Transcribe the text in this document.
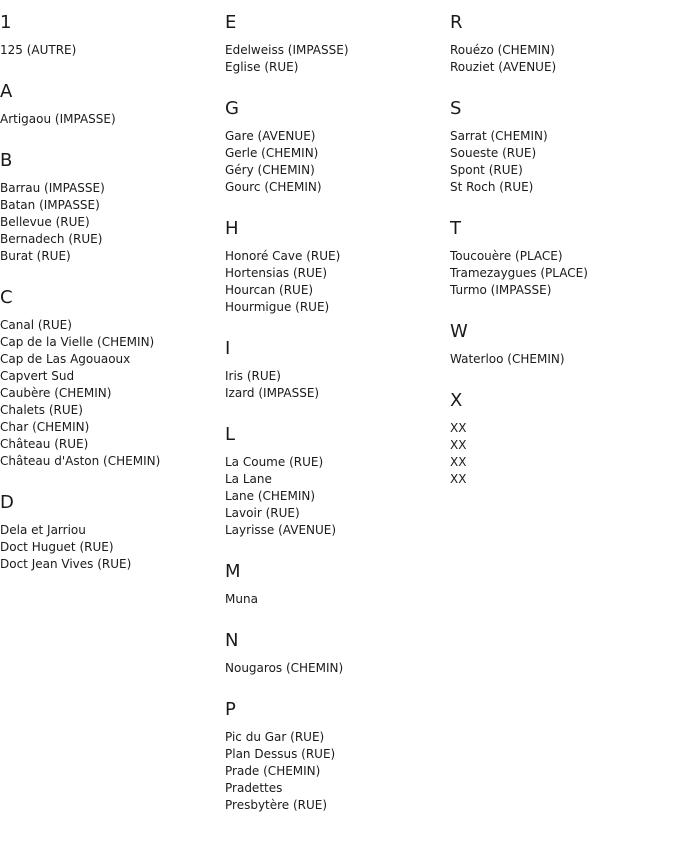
1
125 (AUTRE)
A
Artigaou (IMPASSE)
B
Barrau (IMPASSE)
Batan (IMPASSE)
Bellevue (RUE)
Bernadech (RUE)
Burat (RUE)
C
Canal (RUE)
Cap de la Vielle (CHEMIN)
Cap de Las Agouaoux
Capvert Sud
Caubère (CHEMIN)
Chalets (RUE)
Char (CHEMIN)
Château (RUE)
Château d'Aston (CHEMIN)
D
Dela et Jarriou
Doct Huguet (RUE)
Doct Jean Vives (RUE)
E
Edelweiss (IMPASSE)
Eglise (RUE)
G
Gare (AVENUE)
Gerle (CHEMIN)
Géry (CHEMIN)
Gourc (CHEMIN)
H
Honoré Cave (RUE)
Hortensias (RUE)
Hourcan (RUE)
Hourmigue (RUE)
I
Iris (RUE)
Izard (IMPASSE)
L
La Coume (RUE)
La Lane
Lane (CHEMIN)
Lavoir (RUE)
Layrisse (AVENUE)
M
Muna
N
Nougaros (CHEMIN)
P
Pic du Gar (RUE)
Plan Dessus (RUE)
Prade (CHEMIN)
Pradettes
Presbytère (RUE)
R
Rouézo (CHEMIN)
Rouziet (AVENUE)
S
Sarrat (CHEMIN)
Soueste (RUE)
Spont (RUE)
St Roch (RUE)
T
Toucouère (PLACE)
Tramezaygues (PLACE)
Turmo (IMPASSE)
W
Waterloo (CHEMIN)
X
XX
XX
XX
XX
